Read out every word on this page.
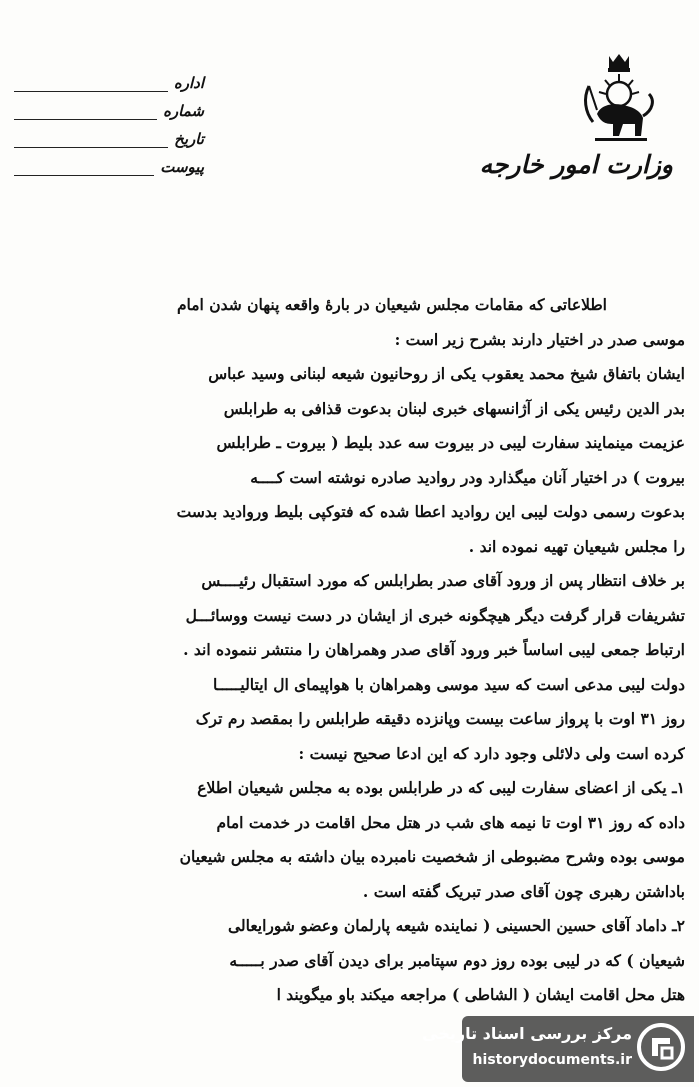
اداره
شماره
تاریخ
پیوست	وزارت امور خارجه
اطلاعاتی که مقامات مجلس شیعیان در بارهٔ واقعه پنهان شدن امام
موسی صدر در اختیار دارند بشرح زیر است :
ایشان باتفاق شیخ محمد یعقوب یکی از روحانیون شیعه لبنانی وسید عباس
بدر الدین رئیس یکی از آژانسهای خبری لبنان بدعوت قذافی به طرابلس
عزیمت مینمایند سفارت لیبی در بیروت سه عدد بلیط ( بیروت ـ طرابلس
بیروت ) در اختیار آنان میگذارد ودر روادید صادره نوشته است کــــه
بدعوت رسمی دولت لیبی این روادید اعطا شده که فتوکپی بلیط وروادید بدست
را مجلس شیعیان تهیه نموده اند .
بر خلاف انتظار پس از ورود آقای صدر بطرابلس که مورد استقبال رئیــــس
تشریفات قرار گرفت دیگر هیچگونه خبری از ایشان در دست نیست ووسائـــل
ارتباط جمعی لیبی اساساً خبر ورود آقای صدر وهمراهان را منتشر ننموده اند .
دولت لیبی مدعی است که سید موسی وهمراهان با هواپیمای ال ایتالیـــــا
روز ۳۱ اوت با پرواز ساعت بیست وپانزده دقیقه طرابلس را بمقصد رم ترک
کرده است ولی دلائلی وجود دارد که این ادعا صحیح نیست :
۱ـ یکی از اعضای سفارت لیبی که در طرابلس بوده به مجلس شیعیان اطلاع
داده که روز ۳۱ اوت تا نیمه های شب در هتل محل اقامت در خدمت امام
موسی بوده وشرح مضبوطی از شخصیت نامبرده بیان داشته به مجلس شیعیان
باداشتن رهبری چون آقای صدر تبریک گفته است .
۲ـ داماد آقای حسین الحسینی ( نماینده شیعه پارلمان وعضو شورایعالی
شیعیان ) که در لیبی بوده روز دوم سپتامبر برای دیدن آقای صدر بـــــه
هتل محل اقامت ایشان ( الشاطی ) مراجعه میکند باو میگویند ا
مرکز بررسی اسناد تاریخی
historydocuments.ir
